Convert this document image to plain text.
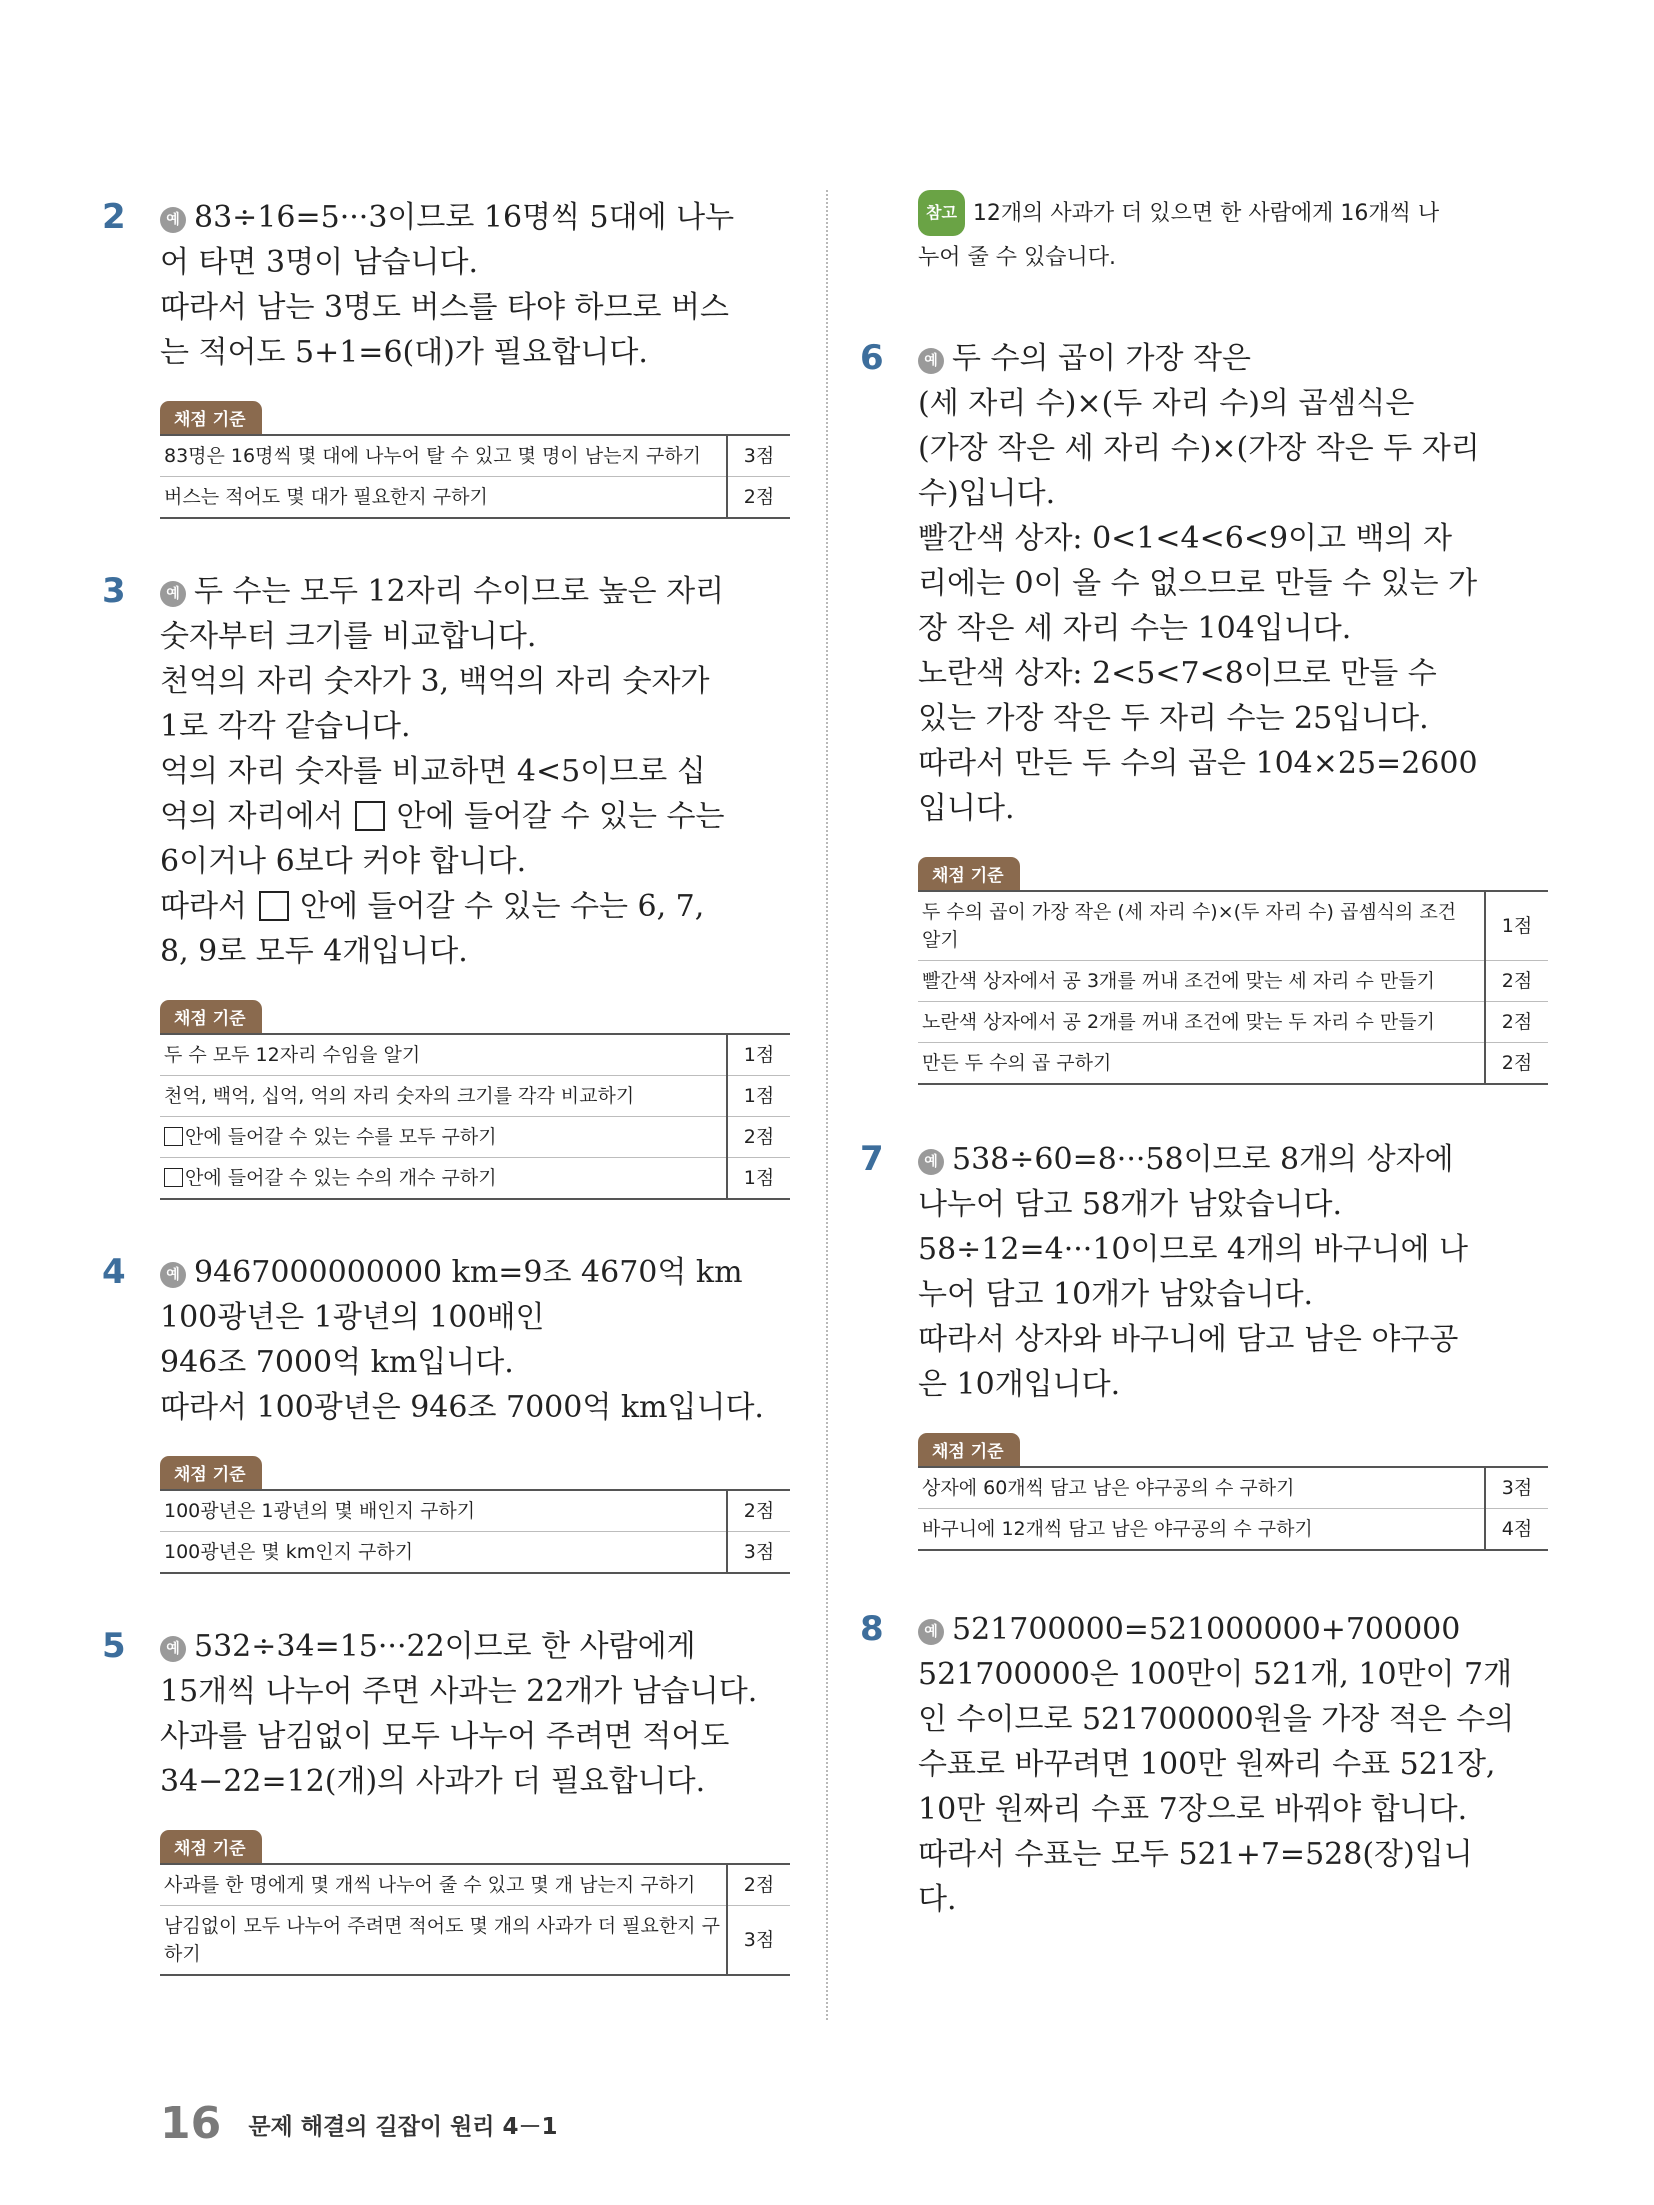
2	예 83÷16=5···3이므로 16명씩 5대에 나누

어 타면 3명이 남습니다.

따라서 남는 3명도 버스를 타야 하므로 버스

는 적어도 5+1=6(대)가 필요합니다.

채점 기준
83명은 16명씩 몇 대에 나누어 탈 수 있고 몇 명이 남는지 구하기	3점
버스는 적어도 몇 대가 필요한지 구하기	2점
3	예 두 수는 모두 12자리 수이므로 높은 자리

숫자부터 크기를 비교합니다.

천억의 자리 숫자가 3, 백억의 자리 숫자가

1로 각각 같습니다.

억의 자리 숫자를 비교하면 4<5이므로 십

억의 자리에서 안에 들어갈 수 있는 수는

6이거나 6보다 커야 합니다.

따라서 안에 들어갈 수 있는 수는 6, 7,

8, 9로 모두 4개입니다.

채점 기준
두 수 모두 12자리 수임을 알기	1점
천억, 백억, 십억, 억의 자리 숫자의 크기를 각각 비교하기	1점
안에 들어갈 수 있는 수를 모두 구하기	2점
안에 들어갈 수 있는 수의 개수 구하기	1점
4	예 9467000000000 km=9조 4670억 km

100광년은 1광년의 100배인

946조 7000억 km입니다.

따라서 100광년은 946조 7000억 km입니다.

채점 기준
100광년은 1광년의 몇 배인지 구하기	2점
100광년은 몇 km인지 구하기	3점
5	예 532÷34=15···22이므로 한 사람에게

15개씩 나누어 주면 사과는 22개가 남습니다.

사과를 남김없이 모두 나누어 주려면 적어도

34−22=12(개)의 사과가 더 필요합니다.

채점 기준
사과를 한 명에게 몇 개씩 나누어 줄 수 있고 몇 개 남는지 구하기	2점
남김없이 모두 나누어 주려면 적어도 몇 개의 사과가 더 필요한지 구하기	3점
참고 12개의 사과가 더 있으면 한 사람에게 16개씩 나
누어 줄 수 있습니다.
6	예 두 수의 곱이 가장 작은

(세 자리 수)×(두 자리 수)의 곱셈식은

(가장 작은 세 자리 수)×(가장 작은 두 자리

수)입니다.

빨간색 상자: 0<1<4<6<9이고 백의 자

리에는 0이 올 수 없으므로 만들 수 있는 가

장 작은 세 자리 수는 104입니다.

노란색 상자: 2<5<7<8이므로 만들 수

있는 가장 작은 두 자리 수는 25입니다.

따라서 만든 두 수의 곱은 104×25=2600

입니다.

채점 기준
두 수의 곱이 가장 작은 (세 자리 수)×(두 자리 수) 곱셈식의 조건 알기	1점
빨간색 상자에서 공 3개를 꺼내 조건에 맞는 세 자리 수 만들기	2점
노란색 상자에서 공 2개를 꺼내 조건에 맞는 두 자리 수 만들기	2점
만든 두 수의 곱 구하기	2점
7	예 538÷60=8···58이므로 8개의 상자에

나누어 담고 58개가 남았습니다.

58÷12=4···10이므로 4개의 바구니에 나

누어 담고 10개가 남았습니다.

따라서 상자와 바구니에 담고 남은 야구공

은 10개입니다.

채점 기준
상자에 60개씩 담고 남은 야구공의 수 구하기	3점
바구니에 12개씩 담고 남은 야구공의 수 구하기	4점
8	예 521700000=521000000+700000

521700000은 100만이 521개, 10만이 7개

인 수이므로 521700000원을 가장 적은 수의

수표로 바꾸려면 100만 원짜리 수표 521장,

10만 원짜리 수표 7장으로 바꿔야 합니다.

따라서 수표는 모두 521+7=528(장)입니

다.

16 문제 해결의 길잡이 원리 4－1
